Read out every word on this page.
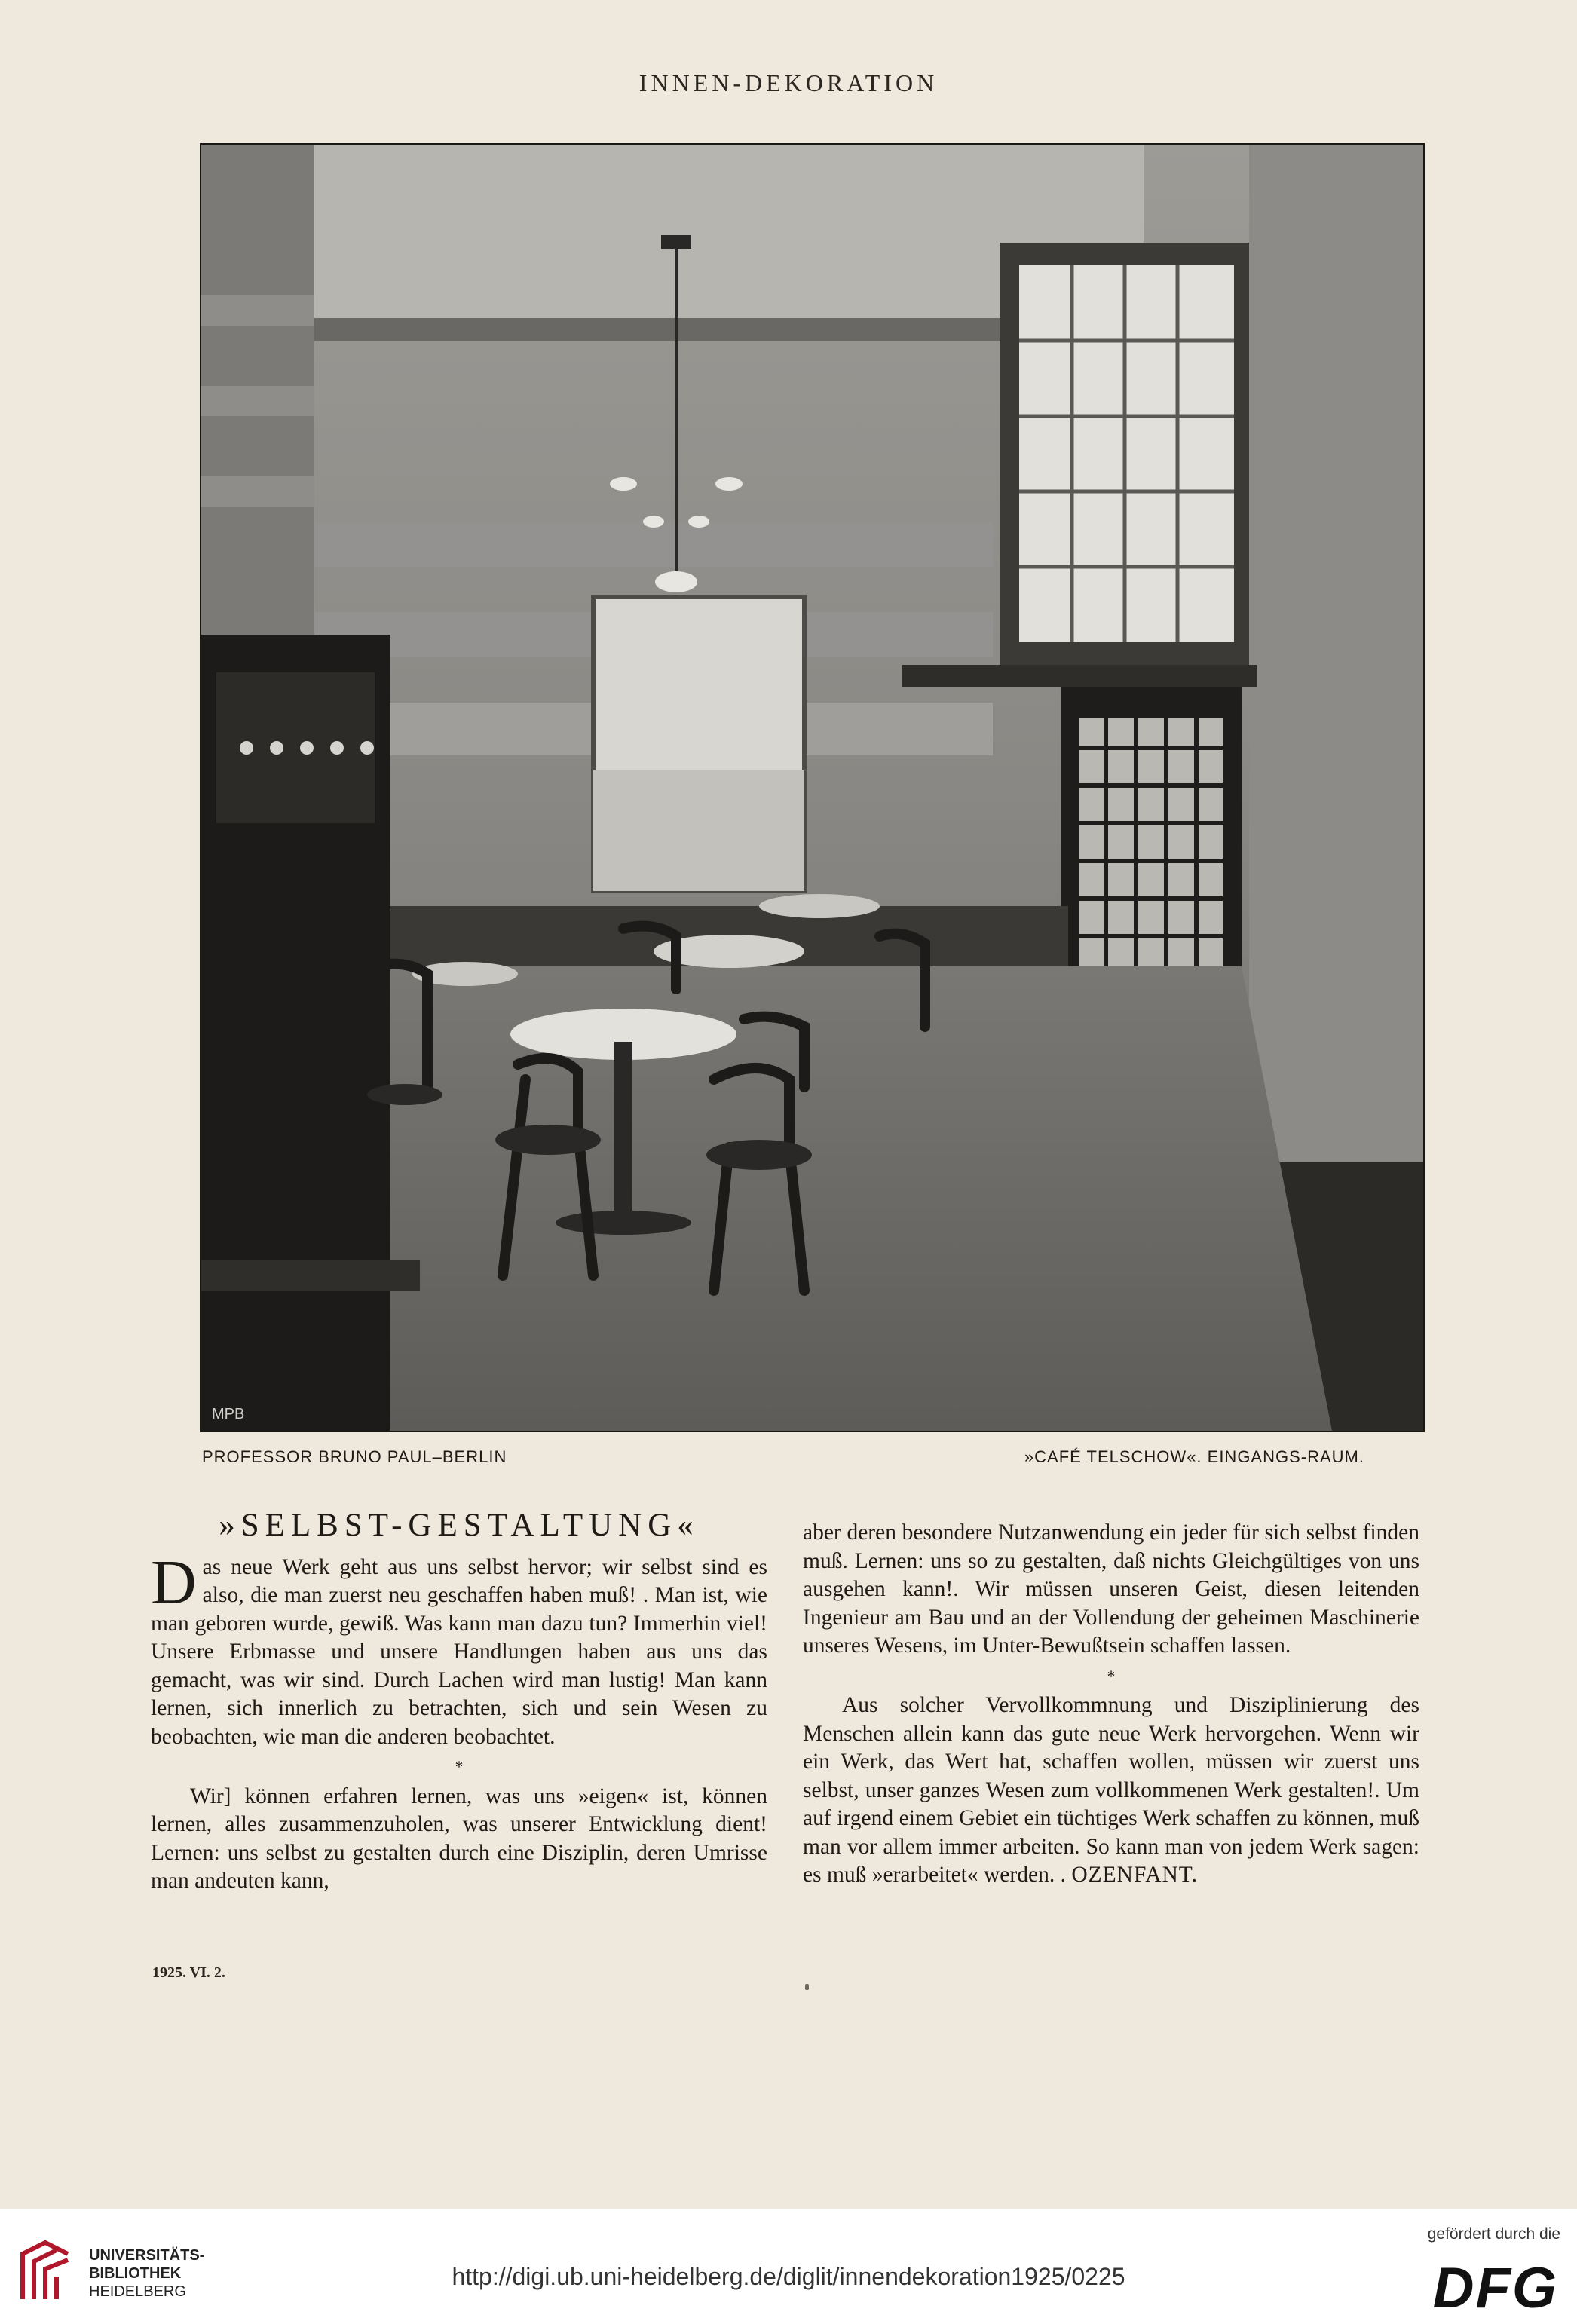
INNEN-DEKORATION
MPB
PROFESSOR BRUNO PAUL–BERLIN	»CAFÉ TELSCHOW«. EINGANGS-RAUM.
»SELBST-GESTALTUNG«

Das neue Werk geht aus uns selbst hervor; wir selbst sind es also, die man zuerst neu geschaffen haben muß! . Man ist, wie man geboren wurde, gewiß. Was kann man dazu tun? Immerhin viel! Unsere Erbmasse und unsere Handlungen haben aus uns das gemacht, was wir sind. Durch Lachen wird man lustig! Man kann lernen, sich innerlich zu betrachten, sich und sein Wesen zu beobachten, wie man die anderen beobachtet.

*

Wir] können erfahren lernen, was uns »eigen« ist, können lernen, alles zusammenzuholen, was unserer Entwicklung dient! Lernen: uns selbst zu gestalten durch eine Disziplin, deren Umrisse man andeuten kann,

aber deren besondere Nutzanwendung ein jeder für sich selbst finden muß. Lernen: uns so zu gestalten, daß nichts Gleichgültiges von uns ausgehen kann!. Wir müssen unseren Geist, diesen leitenden Ingenieur am Bau und an der Vollendung der geheimen Maschinerie unseres Wesens, im Unter-Bewußtsein schaffen lassen.

*

Aus solcher Vervollkommnung und Disziplinierung des Menschen allein kann das gute neue Werk hervorgehen. Wenn wir ein Werk, das Wert hat, schaffen wollen, müssen wir zuerst uns selbst, unser ganzes Wesen zum vollkommenen Werk gestalten!. Um auf irgend einem Gebiet ein tüchtiges Werk schaffen zu können, muß man vor allem immer arbeiten. So kann man von jedem Werk sagen: es muß »erarbeitet« werden. . OZENFANT.

1925. VI. 2.
UNIVERSITÄTS-
BIBLIOTHEK
HEIDELBERG
http://digi.ub.uni-heidelberg.de/diglit/innendekoration1925/0225
gefördert durch die
DFG
